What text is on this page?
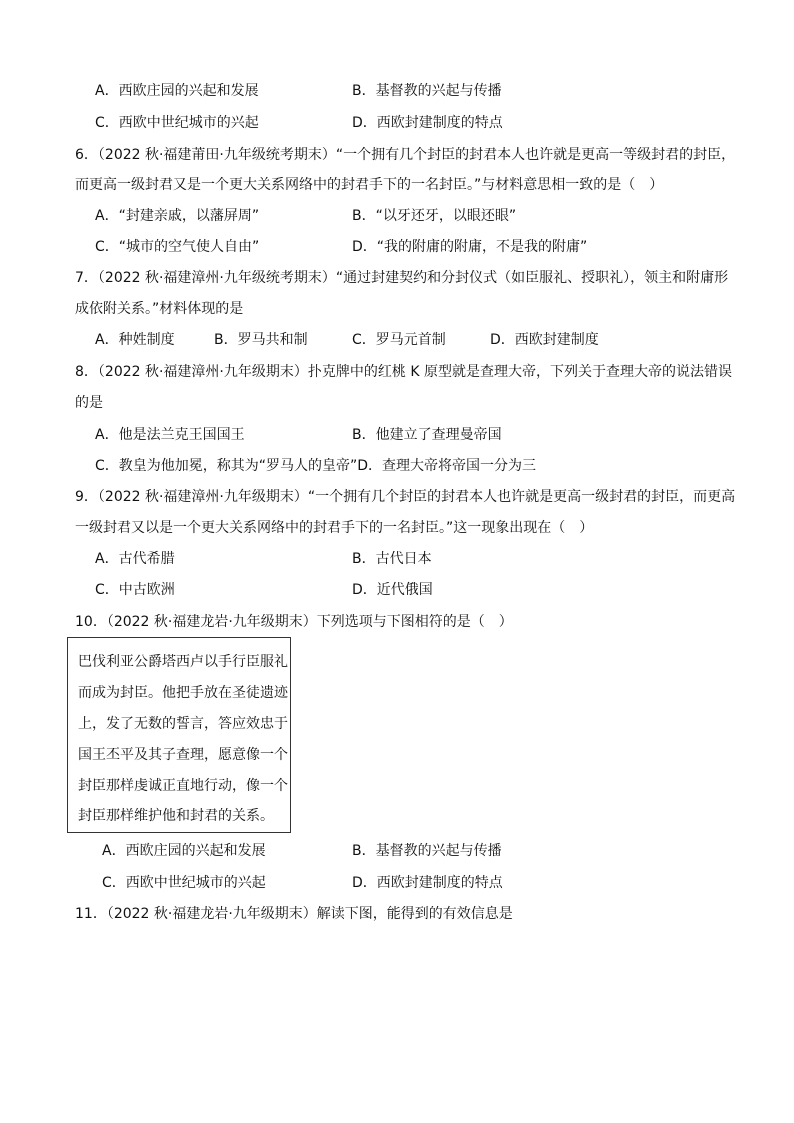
A．西欧庄园的兴起和发展	B．基督教的兴起与传播
C．西欧中世纪城市的兴起	D．西欧封建制度的特点
6．（2022 秋·福建莆田·九年级统考期末）“一个拥有几个封臣的封君本人也许就是更高一等级封君的封臣，
而更高一级封君又是一个更大关系网络中的封君手下的一名封臣。”与材料意思相一致的是（　）
A．“封建亲戚，以藩屏周”	B．“以牙还牙，以眼还眼”
C．“城市的空气使人自由”	D．“我的附庸的附庸，不是我的附庸”
7．（2022 秋·福建漳州·九年级统考期末）“通过封建契约和分封仪式（如臣服礼、授职礼），领主和附庸形
成依附关系。”材料体现的是
A．种姓制度	B．罗马共和制	C．罗马元首制	D．西欧封建制度
8．（2022 秋·福建漳州·九年级期末）扑克牌中的红桃 K 原型就是查理大帝，下列关于查理大帝的说法错误
的是
A．他是法兰克王国国王	B．他建立了查理曼帝国
C．教皇为他加冕，称其为“罗马人的皇帝”D．查理大帝将帝国一分为三
9．（2022 秋·福建漳州·九年级期末）“一个拥有几个封臣的封君本人也许就是更高一级封君的封臣，而更高
一级封君又以是一个更大关系网络中的封君手下的一名封臣。”这一现象出现在（　）
A．古代希腊	B．古代日本
C．中古欧洲	D．近代俄国
10．（2022 秋·福建龙岩·九年级期末）下列选项与下图相符的是（　）
巴伐利亚公爵塔西卢以手行臣服礼
而成为封臣。他把手放在圣徒遗迹
上，发了无数的誓言，答应效忠于
国王丕平及其子查理，愿意像一个
封臣那样虔诚正直地行动，像一个
封臣那样维护他和封君的关系。
A．西欧庄园的兴起和发展	B．基督教的兴起与传播
C．西欧中世纪城市的兴起	D．西欧封建制度的特点
11．（2022 秋·福建龙岩·九年级期末）解读下图，能得到的有效信息是
